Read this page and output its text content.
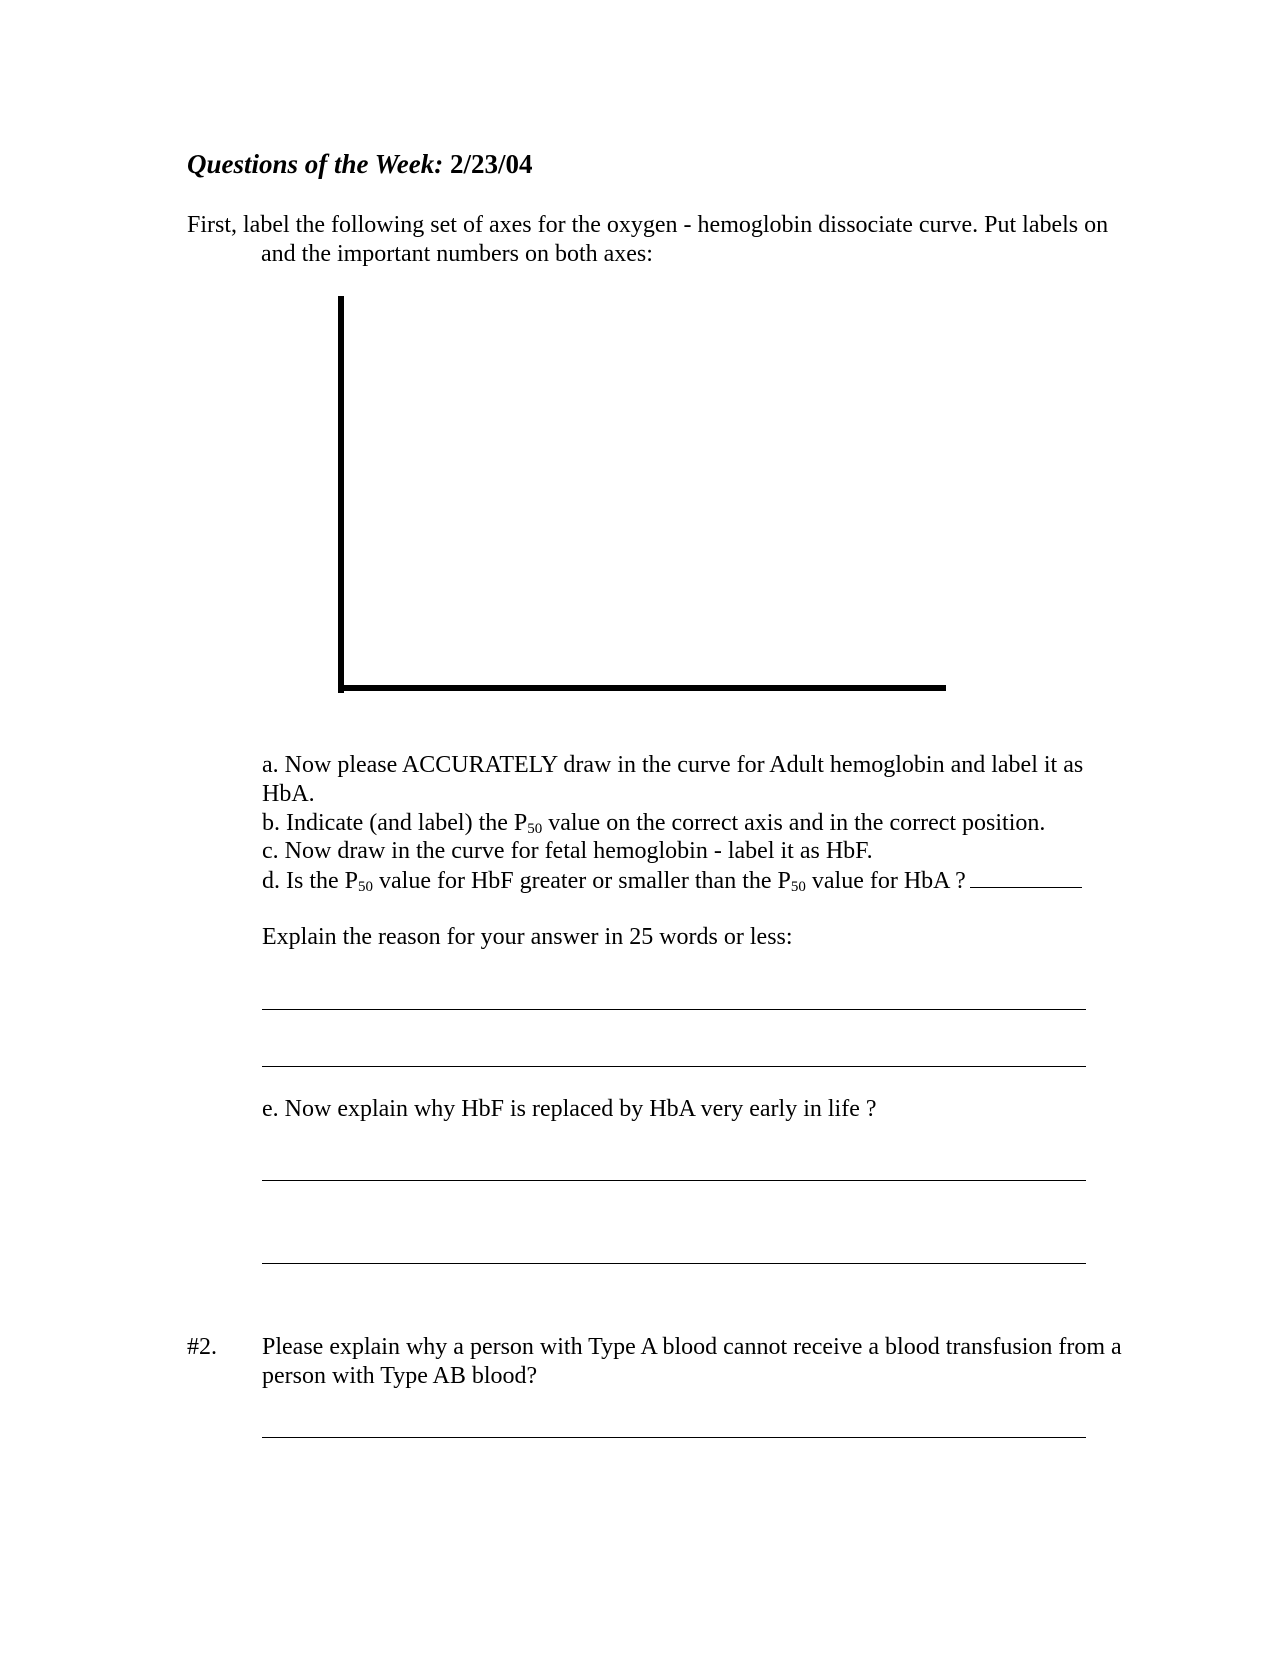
Questions of the Week: 2/23/04
First, label the following set of axes for the oxygen - hemoglobin dissociate curve. Put labels on
and the important numbers on both axes:
a. Now please ACCURATELY draw in the curve for Adult hemoglobin and label it as
HbA.
b. Indicate (and label) the $P_{50}$ value on the correct axis and in the correct position.
c. Now draw in the curve for fetal hemoglobin - label it as HbF.
d. Is the $P_{50}$ value for HbF greater or smaller than the $P_{50}$ value for HbA ?
Explain the reason for your answer in 25 words or less:
e. Now explain why HbF is replaced by HbA very early in life ?
#2. Please explain why a person with Type A blood cannot receive a blood transfusion from a
person with Type AB blood?
